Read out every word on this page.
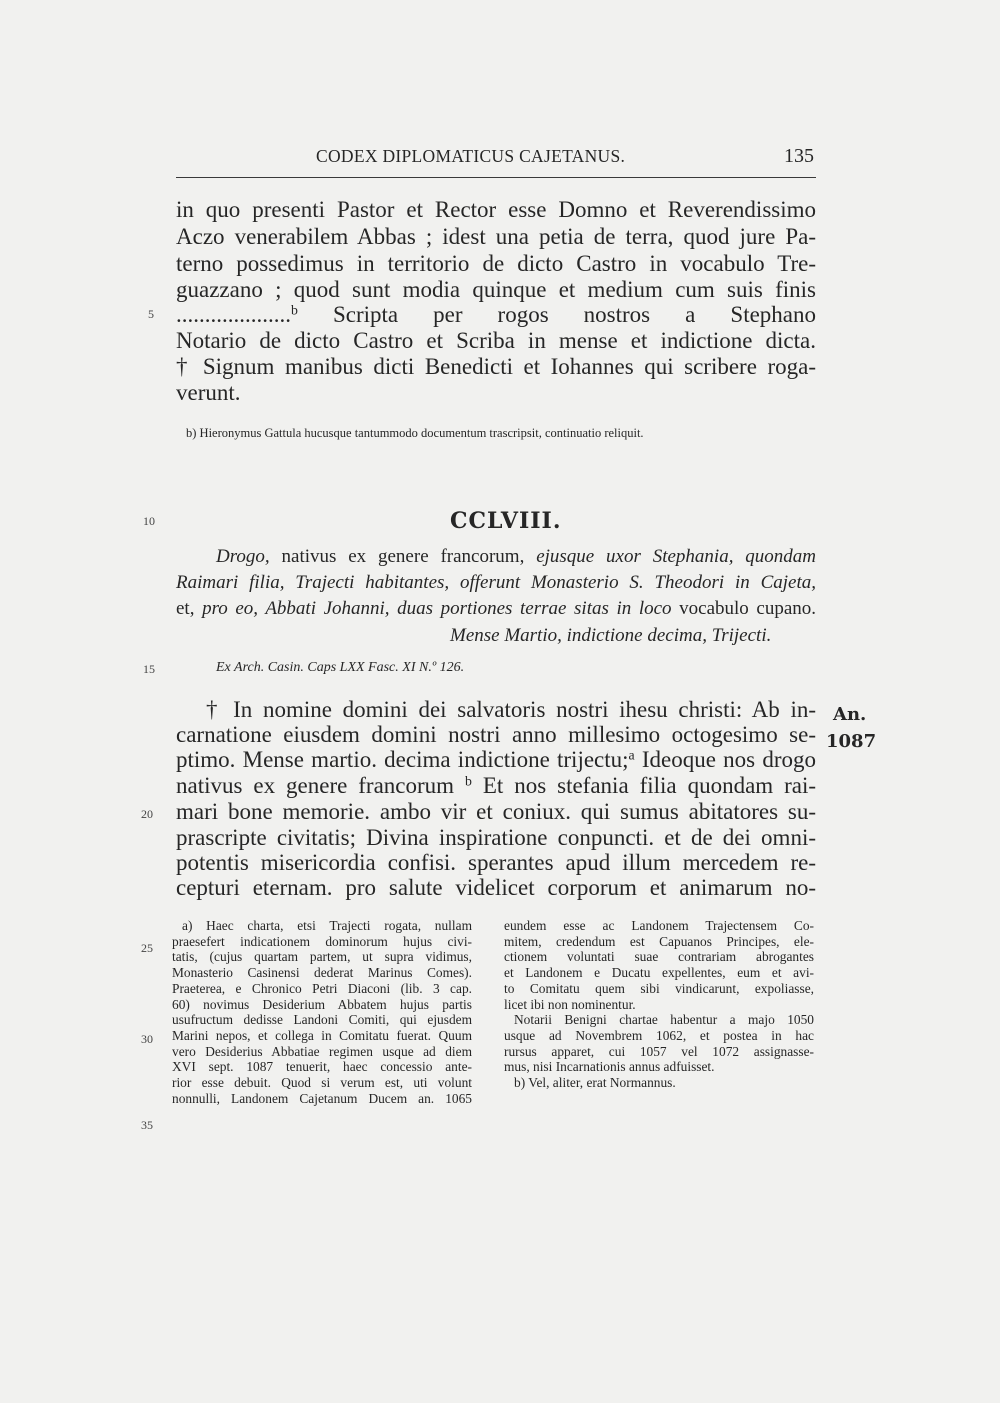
CODEX DIPLOMATICUS CAJETANUS.	135
in quo presenti Pastor et Rector esse Domno et Reverendissimo
Aczo venerabilem Abbas ; idest una petia de terra, quod jure Pa-
terno possedimus in territorio de dicto Castro in vocabulo Tre-
guazzano ; quod sunt modia quinque et medium cum suis finis
....................$^b$ Scripta per rogos nostros a Stephano
Notario de dicto Castro et Scriba in mense et indictione dicta.
† Signum manibus dicti Benedicti et Iohannes qui scribere roga-
verunt.
b) Hieronymus Gattula hucusque tantummodo documentum trascripsit, continuatio reliquit.
5
10
15
20
25
30
35
CCLVIII.
Drogo, nativus ex genere francorum, ejusque uxor Stephania, quondam
Raimari filia, Trajecti habitantes, offerunt Monasterio S. Theodori in Cajeta,
et, pro eo, Abbati Johanni, duas portiones terrae sitas in loco vocabulo cupano.
Mense Martio, indictione decima, Trijecti.
Ex Arch. Casin. Caps LXX Fasc. XI N.º 126.
An.
1087
† In nomine domini dei salvatoris nostri ihesu christi: Ab in-
carnatione eiusdem domini nostri anno millesimo octogesimo se-
ptimo. Mense martio. decima indictione trijectu;$^a$ Ideoque nos drogo
nativus ex genere francorum $^b$ Et nos stefania filia quondam rai-
mari bone memorie. ambo vir et coniux. qui sumus abitatores su-
prascripte civitatis; Divina inspiratione conpuncti. et de dei omni-
potentis misericordia confisi. sperantes apud illum mercedem re-
cepturi eternam. pro salute videlicet corporum et animarum no-
a) Haec charta, etsi Trajecti rogata, nullam
praesefert indicationem dominorum hujus civi-
tatis, (cujus quartam partem, ut supra vidimus,
Monasterio Casinensi dederat Marinus Comes).
Praeterea, e Chronico Petri Diaconi (lib. 3 cap.
60) novimus Desiderium Abbatem hujus partis
usufructum dedisse Landoni Comiti, qui ejusdem
Marini nepos, et collega in Comitatu fuerat. Quum
vero Desiderius Abbatiae regimen usque ad diem
XVI sept. 1087 tenuerit, haec concessio ante-
rior esse debuit. Quod si verum est, uti volunt
nonnulli, Landonem Cajetanum Ducem an. 1065
eundem esse ac Landonem Trajectensem Co-
mitem, credendum est Capuanos Principes, ele-
ctionem voluntati suae contrariam abrogantes
et Landonem e Ducatu expellentes, eum et avi-
to Comitatu quem sibi vindicarunt, expoliasse,
licet ibi non nominentur.
Notarii Benigni chartae habentur a majo 1050
usque ad Novembrem 1062, et postea in hac
rursus apparet, cui 1057 vel 1072 assignasse-
mus, nisi Incarnationis annus adfuisset.
b) Vel, aliter, erat Normannus.
